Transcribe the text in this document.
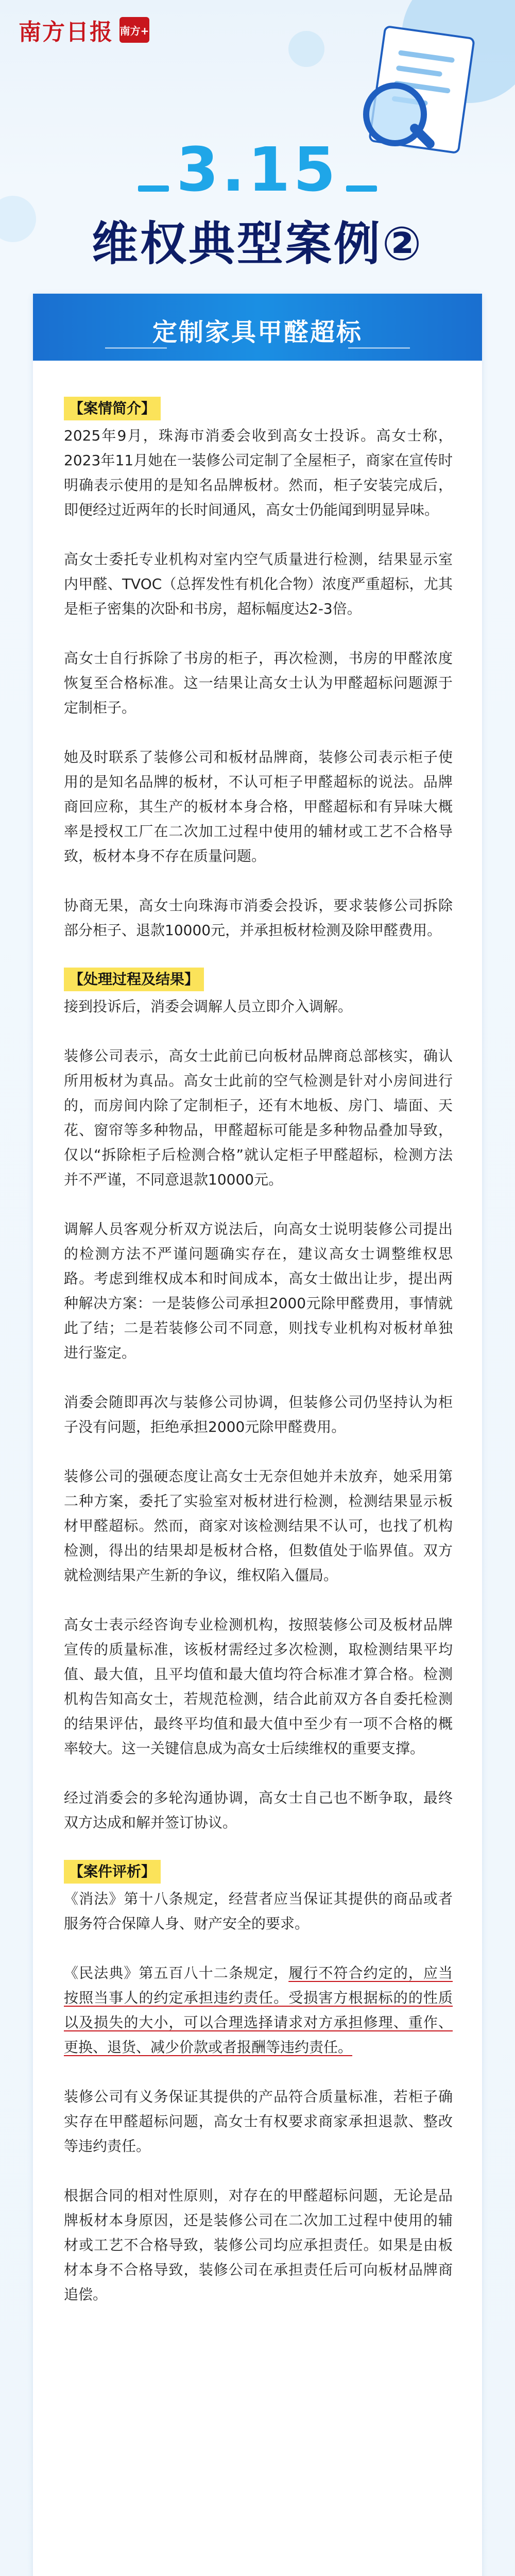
南方日报 南方+
3.15
维权典型案例②
定制家具甲醛超标
【案情简介】

2025年9月，珠海市消委会收到高女士投诉。高女士称，2023年11月她在一装修公司定制了全屋柜子，商家在宣传时明确表示使用的是知名品牌板材。然而，柜子安装完成后，即便经过近两年的长时间通风，高女士仍能闻到明显异味。

高女士委托专业机构对室内空气质量进行检测，结果显示室内甲醛、TVOC（总挥发性有机化合物）浓度严重超标，尤其是柜子密集的次卧和书房，超标幅度达2-3倍。

高女士自行拆除了书房的柜子，再次检测，书房的甲醛浓度恢复至合格标准。这一结果让高女士认为甲醛超标问题源于定制柜子。

她及时联系了装修公司和板材品牌商，装修公司表示柜子使用的是知名品牌的板材，不认可柜子甲醛超标的说法。品牌商回应称，其生产的板材本身合格，甲醛超标和有异味大概率是授权工厂在二次加工过程中使用的辅材或工艺不合格导致，板材本身不存在质量问题。

协商无果，高女士向珠海市消委会投诉，要求装修公司拆除部分柜子、退款10000元，并承担板材检测及除甲醛费用。

【处理过程及结果】

接到投诉后，消委会调解人员立即介入调解。

装修公司表示，高女士此前已向板材品牌商总部核实，确认所用板材为真品。高女士此前的空气检测是针对小房间进行的，而房间内除了定制柜子，还有木地板、房门、墙面、天花、窗帘等多种物品，甲醛超标可能是多种物品叠加导致，仅以“拆除柜子后检测合格”就认定柜子甲醛超标，检测方法并不严谨，不同意退款10000元。

调解人员客观分析双方说法后，向高女士说明装修公司提出的检测方法不严谨问题确实存在，建议高女士调整维权思路。考虑到维权成本和时间成本，高女士做出让步，提出两种解决方案：一是装修公司承担2000元除甲醛费用，事情就此了结；二是若装修公司不同意，则找专业机构对板材单独进行鉴定。

消委会随即再次与装修公司协调，但装修公司仍坚持认为柜子没有问题，拒绝承担2000元除甲醛费用。

装修公司的强硬态度让高女士无奈但她并未放弃，她采用第二种方案，委托了实验室对板材进行检测，检测结果显示板材甲醛超标。然而，商家对该检测结果不认可，也找了机构检测，得出的结果却是板材合格，但数值处于临界值。双方就检测结果产生新的争议，维权陷入僵局。

高女士表示经咨询专业检测机构，按照装修公司及板材品牌宣传的质量标准，该板材需经过多次检测，取检测结果平均值、最大值，且平均值和最大值均符合标准才算合格。检测机构告知高女士，若规范检测，结合此前双方各自委托检测的结果评估，最终平均值和最大值中至少有一项不合格的概率较大。这一关键信息成为高女士后续维权的重要支撑。

经过消委会的多轮沟通协调，高女士自己也不断争取，最终双方达成和解并签订协议。

【案件评析】

《消法》第十八条规定，经营者应当保证其提供的商品或者服务符合保障人身、财产安全的要求。

《民法典》第五百八十二条规定，履行不符合约定的，应当按照当事人的约定承担违约责任。受损害方根据标的的性质以及损失的大小，可以合理选择请求对方承担修理、重作、更换、退货、减少价款或者报酬等违约责任。

装修公司有义务保证其提供的产品符合质量标准，若柜子确实存在甲醛超标问题，高女士有权要求商家承担退款、整改等违约责任。

根据合同的相对性原则，对存在的甲醛超标问题，无论是品牌板材本身原因，还是装修公司在二次加工过程中使用的辅材或工艺不合格导致，装修公司均应承担责任。如果是由板材本身不合格导致，装修公司在承担责任后可向板材品牌商追偿。
